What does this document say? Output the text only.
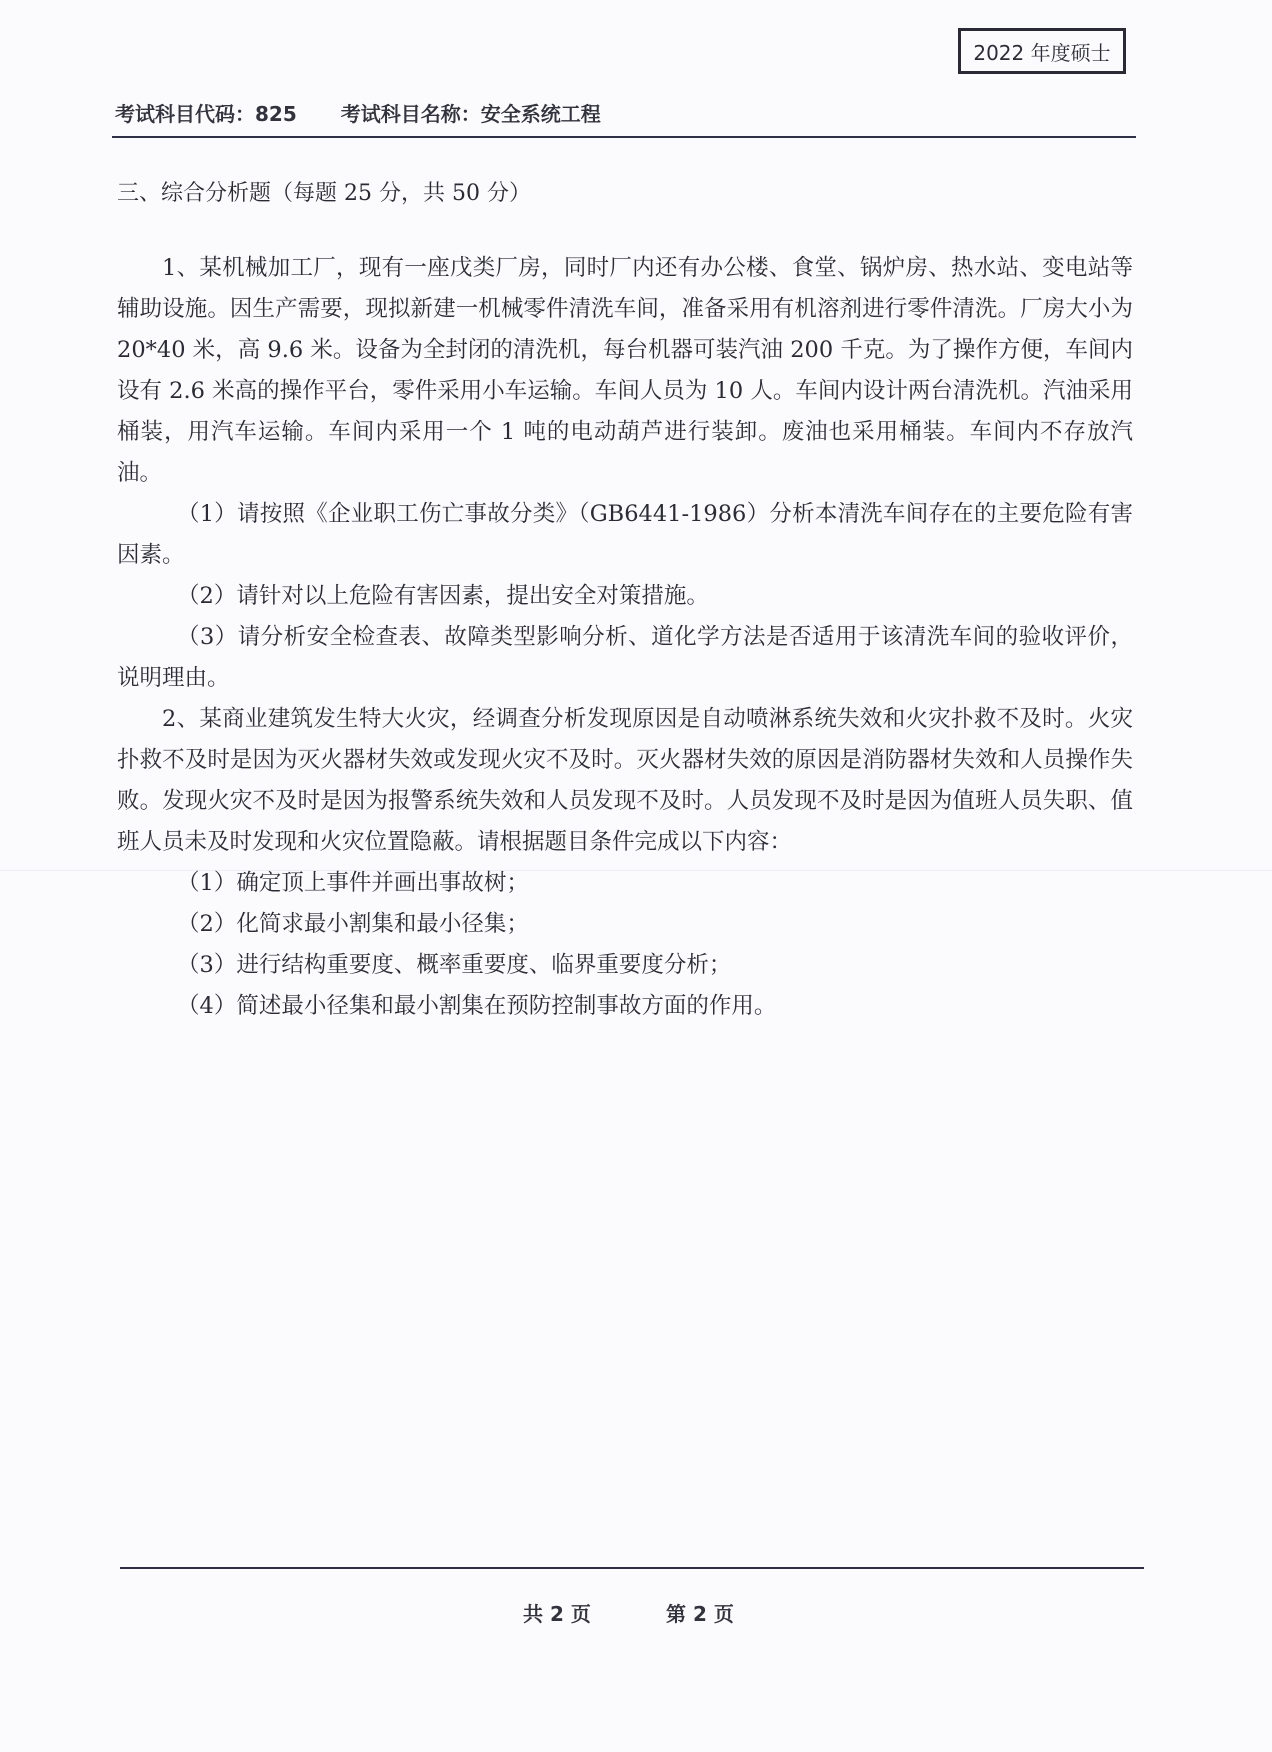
2022 年度硕士
考试科目代码：825 考试科目名称：安全系统工程
三、综合分析题（每题 25 分，共 50 分）

1、某机械加工厂，现有一座戊类厂房，同时厂内还有办公楼、食堂、锅炉房、热水站、变电站等辅助设施。因生产需要，现拟新建一机械零件清洗车间，准备采用有机溶剂进行零件清洗。厂房大小为 20*40 米，高 9.6 米。设备为全封闭的清洗机，每台机器可装汽油 200 千克。为了操作方便，车间内设有 2.6 米高的操作平台，零件采用小车运输。车间人员为 10 人。车间内设计两台清洗机。汽油采用桶装，用汽车运输。车间内采用一个 1 吨的电动葫芦进行装卸。废油也采用桶装。车间内不存放汽油。

（1）请按照《企业职工伤亡事故分类》（GB6441-1986）分析本清洗车间存在的主要危险有害因素。

（2）请针对以上危险有害因素，提出安全对策措施。

（3）请分析安全检查表、故障类型影响分析、道化学方法是否适用于该清洗车间的验收评价，说明理由。

2、某商业建筑发生特大火灾，经调查分析发现原因是自动喷淋系统失效和火灾扑救不及时。火灾扑救不及时是因为灭火器材失效或发现火灾不及时。灭火器材失效的原因是消防器材失效和人员操作失败。发现火灾不及时是因为报警系统失效和人员发现不及时。人员发现不及时是因为值班人员失职、值班人员未及时发现和火灾位置隐蔽。请根据题目条件完成以下内容：

（1）确定顶上事件并画出事故树；

（2）化简求最小割集和最小径集；

（3）进行结构重要度、概率重要度、临界重要度分析；

（4）简述最小径集和最小割集在预防控制事故方面的作用。

共 2 页	第 2 页
